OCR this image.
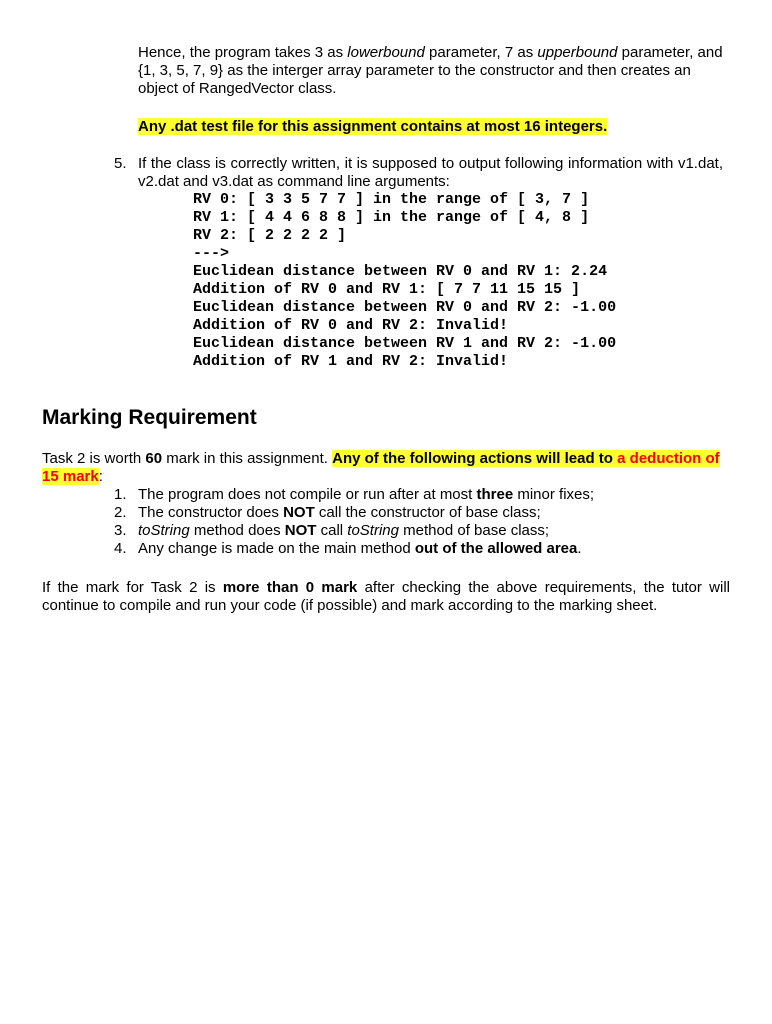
Hence, the program takes 3 as lowerbound parameter, 7 as upperbound parameter, and {1, 3, 5, 7, 9} as the interger array parameter to the constructor and then creates an object of RangedVector class.
Any .dat test file for this assignment contains at most 16 integers.
5. If the class is correctly written, it is supposed to output following information with v1.dat, v2.dat and v3.dat as command line arguments:
RV 0: [ 3 3 5 7 7 ] in the range of [ 3, 7 ]
RV 1: [ 4 4 6 8 8 ] in the range of [ 4, 8 ]
RV 2: [ 2 2 2 2 ]
--->
Euclidean distance between RV 0 and RV 1: 2.24
Addition of RV 0 and RV 1: [ 7 7 11 15 15 ]
Euclidean distance between RV 0 and RV 2: -1.00
Addition of RV 0 and RV 2: Invalid!
Euclidean distance between RV 1 and RV 2: -1.00
Addition of RV 1 and RV 2: Invalid!
Marking Requirement
Task 2 is worth 60 mark in this assignment. Any of the following actions will lead to a deduction of 15 mark:
1. The program does not compile or run after at most three minor fixes;
2. The constructor does NOT call the constructor of base class;
3. toString method does NOT call toString method of base class;
4. Any change is made on the main method out of the allowed area.
If the mark for Task 2 is more than 0 mark after checking the above requirements, the tutor will continue to compile and run your code (if possible) and mark according to the marking sheet.
